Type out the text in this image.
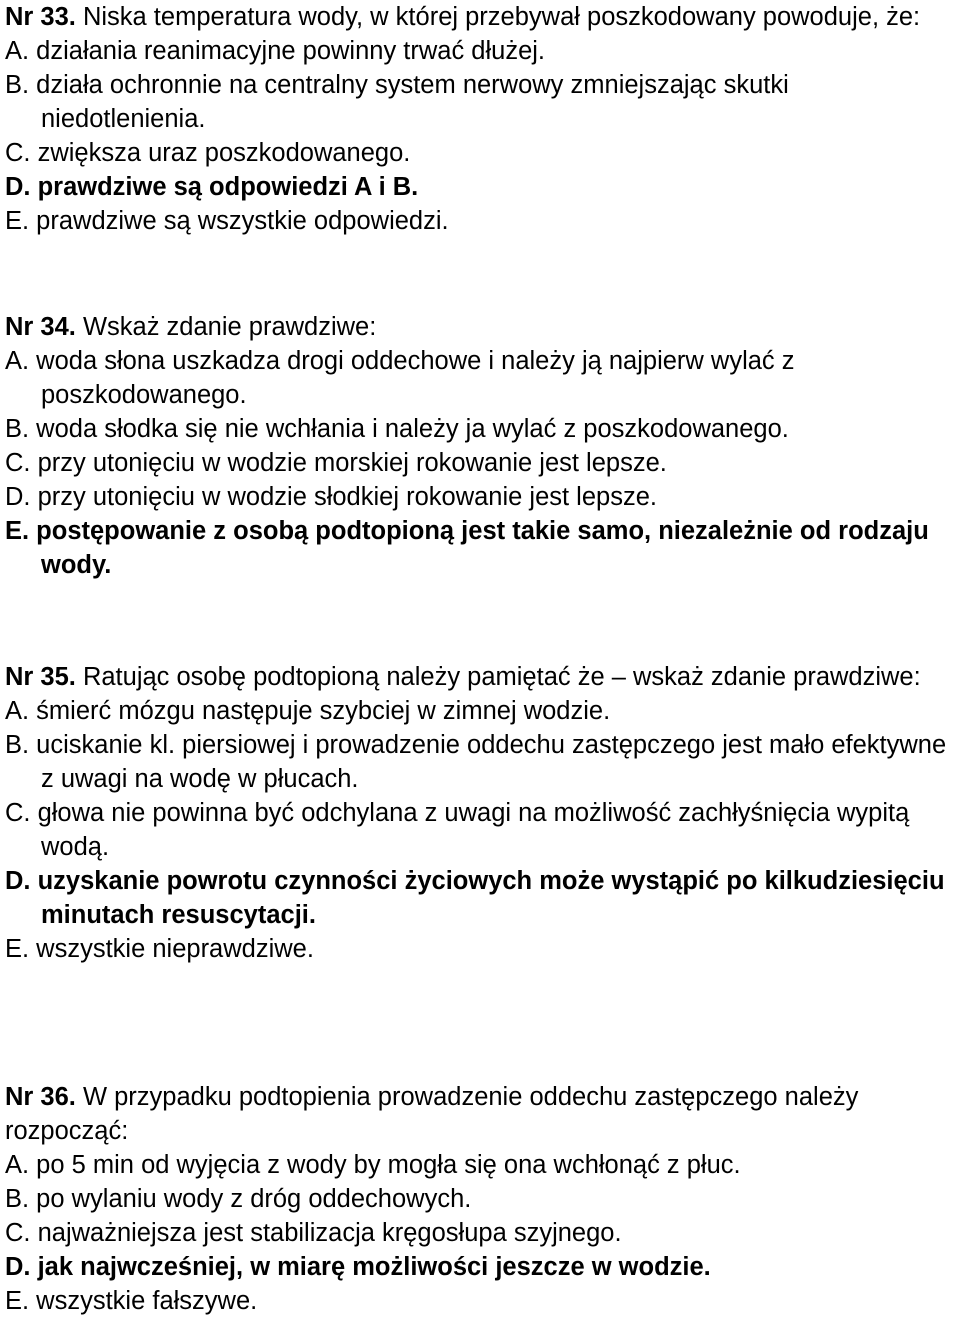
Nr 33. Niska temperatura wody, w której przebywał poszkodowany powoduje, że:

A. działania reanimacyjne powinny trwać dłużej.

B. działa ochronnie na centralny system nerwowy zmniejszając skutki niedotlenienia.

C. zwiększa uraz poszkodowanego.

D. prawdziwe są odpowiedzi A i B.

E. prawdziwe są wszystkie odpowiedzi.

Nr 34. Wskaż zdanie prawdziwe:

A. woda słona uszkadza drogi oddechowe i należy ją najpierw wylać z poszkodowanego.

B. woda słodka się nie wchłania i należy ja wylać z poszkodowanego.

C. przy utonięciu w wodzie morskiej rokowanie jest lepsze.

D. przy utonięciu w wodzie słodkiej rokowanie jest lepsze.

E. postępowanie z osobą podtopioną jest takie samo, niezależnie od rodzaju wody.

Nr 35. Ratując osobę podtopioną należy pamiętać że – wskaż zdanie prawdziwe:

A. śmierć mózgu następuje szybciej w zimnej wodzie.

B. uciskanie kl. piersiowej i prowadzenie oddechu zastępczego jest mało efektywne z uwagi na wodę w płucach.

C. głowa nie powinna być odchylana z uwagi na możliwość zachłyśnięcia wypitą wodą.

D. uzyskanie powrotu czynności życiowych może wystąpić po kilkudziesięciu minutach resuscytacji.

E. wszystkie nieprawdziwe.

Nr 36. W przypadku podtopienia prowadzenie oddechu zastępczego należy rozpocząć:

A. po 5 min od wyjęcia z wody by mogła się ona wchłonąć z płuc.

B. po wylaniu wody z dróg oddechowych.

C. najważniejsza jest stabilizacja kręgosłupa szyjnego.

D. jak najwcześniej, w miarę możliwości jeszcze w wodzie.

E. wszystkie fałszywe.
